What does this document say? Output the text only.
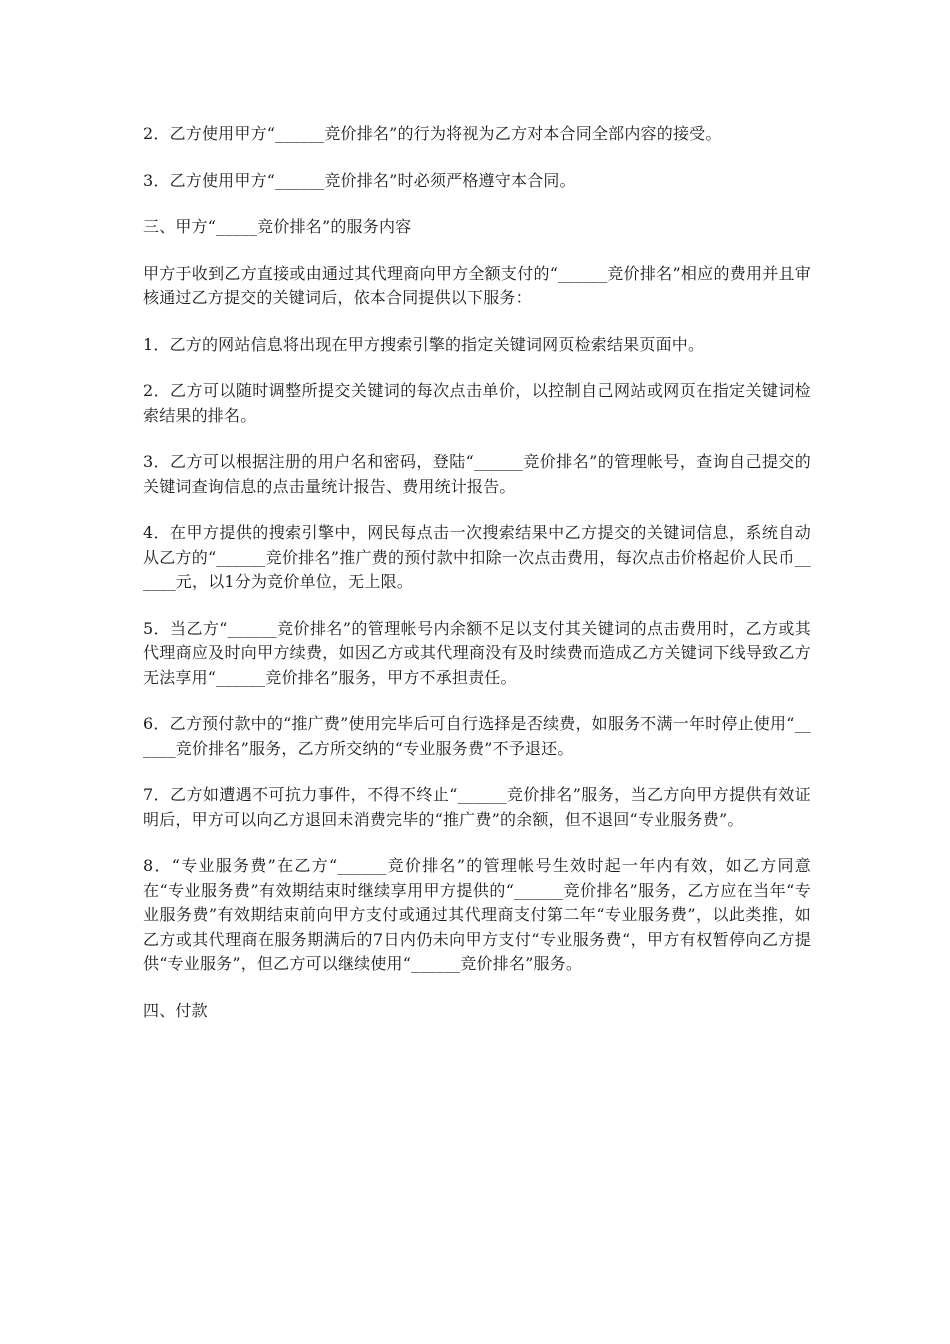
2．乙方使用甲方“______竞价排名”的行为将视为乙方对本合同全部内容的接受。

3．乙方使用甲方“______竞价排名”时必须严格遵守本合同。

三、甲方“_____竞价排名”的服务内容

甲方于收到乙方直接或由通过其代理商向甲方全额支付的“______竞价排名”相应的费用并且审核通过乙方提交的关键词后，依本合同提供以下服务：

1．乙方的网站信息将出现在甲方搜索引擎的指定关键词网页检索结果页面中。

2．乙方可以随时调整所提交关键词的每次点击单价，以控制自己网站或网页在指定关键词检索结果的排名。

3．乙方可以根据注册的用户名和密码，登陆“______竞价排名”的管理帐号，查询自己提交的关键词查询信息的点击量统计报告、费用统计报告。

4．在甲方提供的搜索引擎中，网民每点击一次搜索结果中乙方提交的关键词信息，系统自动从乙方的“______竞价排名”推广费的预付款中扣除一次点击费用，每次点击价格起价人民币______元，以1分为竞价单位，无上限。

5．当乙方“______竞价排名”的管理帐号内余额不足以支付其关键词的点击费用时，乙方或其代理商应及时向甲方续费，如因乙方或其代理商没有及时续费而造成乙方关键词下线导致乙方无法享用“______竞价排名”服务，甲方不承担责任。

6．乙方预付款中的“推广费”使用完毕后可自行选择是否续费，如服务不满一年时停止使用“______竞价排名”服务，乙方所交纳的“专业服务费”不予退还。

7．乙方如遭遇不可抗力事件，不得不终止“______竞价排名”服务，当乙方向甲方提供有效证明后，甲方可以向乙方退回未消费完毕的“推广费”的余额，但不退回“专业服务费”。

8．“专业服务费”在乙方“______竞价排名”的管理帐号生效时起一年内有效，如乙方同意在“专业服务费”有效期结束时继续享用甲方提供的“______竞价排名”服务，乙方应在当年“专业服务费”有效期结束前向甲方支付或通过其代理商支付第二年“专业服务费”，以此类推，如乙方或其代理商在服务期满后的7日内仍未向甲方支付“专业服务费“，甲方有权暂停向乙方提供“专业服务”，但乙方可以继续使用“______竞价排名”服务。

四、付款
